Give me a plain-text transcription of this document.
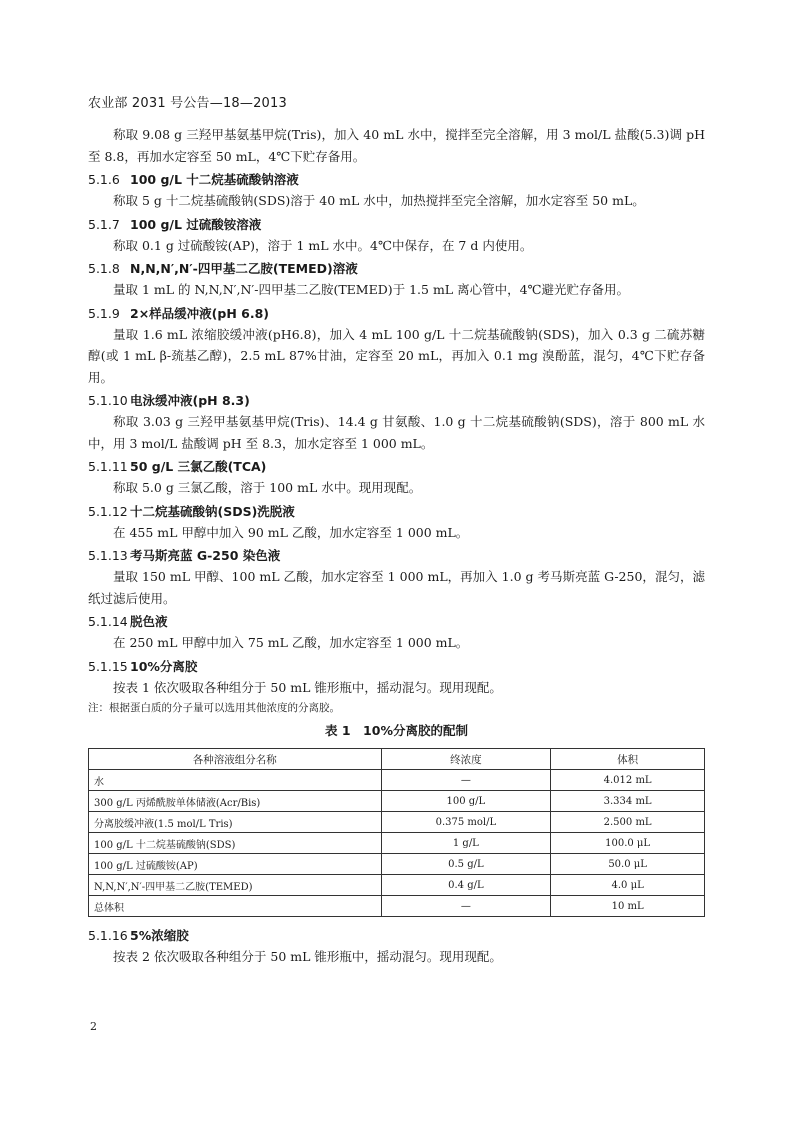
农业部 2031 号公告—18—2013
称取 9.08 g 三羟甲基氨基甲烷(Tris)，加入 40 mL 水中，搅拌至完全溶解，用 3 mol/L 盐酸(5.3)调 pH 至 8.8，再加水定容至 50 mL，4℃下贮存备用。
5.1.6 100 g/L 十二烷基硫酸钠溶液
称取 5 g 十二烷基硫酸钠(SDS)溶于 40 mL 水中，加热搅拌至完全溶解，加水定容至 50 mL。
5.1.7 100 g/L 过硫酸铵溶液
称取 0.1 g 过硫酸铵(AP)，溶于 1 mL 水中。4℃中保存，在 7 d 内使用。
5.1.8 N,N,N′,N′-四甲基二乙胺(TEMED)溶液
量取 1 mL 的 N,N,N′,N′-四甲基二乙胺(TEMED)于 1.5 mL 离心管中，4℃避光贮存备用。
5.1.9 2×样品缓冲液(pH 6.8)
量取 1.6 mL 浓缩胶缓冲液(pH6.8)，加入 4 mL 100 g/L 十二烷基硫酸钠(SDS)，加入 0.3 g 二硫苏糖醇(或 1 mL β-巯基乙醇)，2.5 mL 87%甘油，定容至 20 mL，再加入 0.1 mg 溴酚蓝，混匀，4℃下贮存备用。
5.1.10 电泳缓冲液(pH 8.3)
称取 3.03 g 三羟甲基氨基甲烷(Tris)、14.4 g 甘氨酸、1.0 g 十二烷基硫酸钠(SDS)，溶于 800 mL 水中，用 3 mol/L 盐酸调 pH 至 8.3，加水定容至 1 000 mL。
5.1.11 50 g/L 三氯乙酸(TCA)
称取 5.0 g 三氯乙酸，溶于 100 mL 水中。现用现配。
5.1.12 十二烷基硫酸钠(SDS)洗脱液
在 455 mL 甲醇中加入 90 mL 乙酸，加水定容至 1 000 mL。
5.1.13 考马斯亮蓝 G-250 染色液
量取 150 mL 甲醇、100 mL 乙酸，加水定容至 1 000 mL，再加入 1.0 g 考马斯亮蓝 G-250，混匀，滤纸过滤后使用。
5.1.14 脱色液
在 250 mL 甲醇中加入 75 mL 乙酸，加水定容至 1 000 mL。
5.1.15 10%分离胶
按表 1 依次吸取各种组分于 50 mL 锥形瓶中，摇动混匀。现用现配。
注：根据蛋白质的分子量可以选用其他浓度的分离胶。
表 1　10%分离胶的配制
各种溶液组分名称	终浓度	体积
水	—	4.012 mL
300 g/L 丙烯酰胺单体储液(Acr/Bis)	100 g/L	3.334 mL
分离胶缓冲液(1.5 mol/L Tris)	0.375 mol/L	2.500 mL
100 g/L 十二烷基硫酸钠(SDS)	1 g/L	100.0 μL
100 g/L 过硫酸铵(AP)	0.5 g/L	50.0 μL
N,N,N′,N′-四甲基二乙胺(TEMED)	0.4 g/L	4.0 μL
总体积	—	10 mL
5.1.16 5%浓缩胶
按表 2 依次吸取各种组分于 50 mL 锥形瓶中，摇动混匀。现用现配。
2
